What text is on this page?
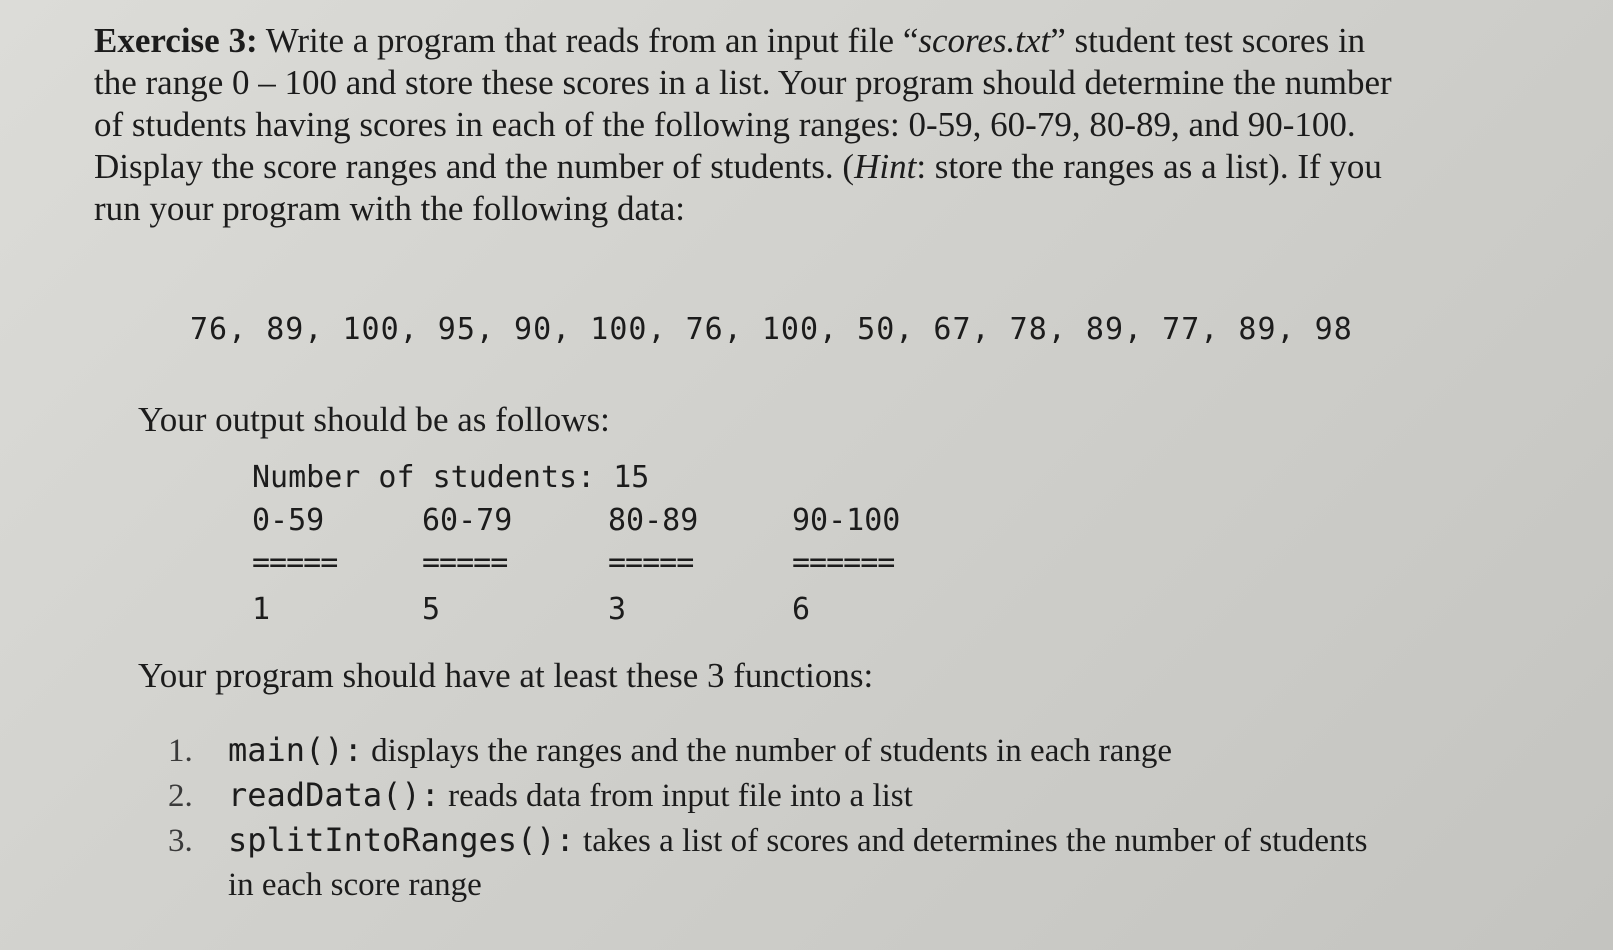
Exercise 3: Write a program that reads from an input file “scores.txt” student test scores in
the range 0 – 100 and store these scores in a list. Your program should determine the number
of students having scores in each of the following ranges: 0-59, 60-79, 80-89, and 90-100.
Display the score ranges and the number of students. (Hint: store the ranges as a list). If you
run your program with the following data:
76, 89, 100, 95, 90, 100, 76, 100, 50, 67, 78, 89, 77, 89, 98
Your output should be as follows:
Number of students: 15
0-59	60-79	80-89	90-100
=====	=====	=====	======
1	5	3	6
Your program should have at least these 3 functions:
1. main(): displays the ranges and the number of students in each range
2. readData(): reads data from input file into a list
3. splitIntoRanges(): takes a list of scores and determines the number of students
in each score range
